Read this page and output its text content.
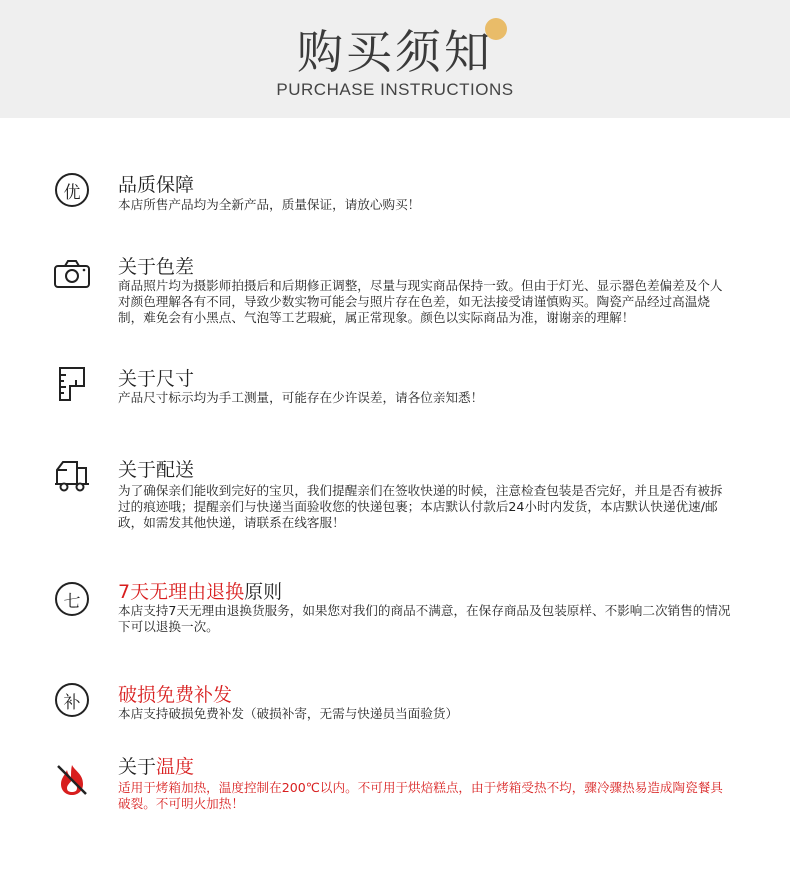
购买须知
PURCHASE INSTRUCTIONS
优	品质保障
本店所售产品均为全新产品，质量保证，请放心购买！
关于色差
商品照片均为摄影师拍摄后和后期修正调整，尽量与现实商品保持一致。但由于灯光、显示器色差偏差及个人对颜色理解各有不同，导致少数实物可能会与照片存在色差，如无法接受请谨慎购买。陶瓷产品经过高温烧制，难免会有小黑点、气泡等工艺瑕疵，属正常现象。颜色以实际商品为准，谢谢亲的理解！
关于尺寸
产品尺寸标示均为手工测量，可能存在少许误差，请各位亲知悉！
关于配送
为了确保亲们能收到完好的宝贝，我们提醒亲们在签收快递的时候，注意检查包装是否完好，并且是否有被拆过的痕迹哦；提醒亲们与快递当面验收您的快递包裹；本店默认付款后24小时内发货，本店默认快递优速/邮政，如需发其他快递，请联系在线客服！
七	7天无理由退换原则
本店支持7天无理由退换货服务，如果您对我们的商品不满意，在保存商品及包装原样、不影响二次销售的情况下可以退换一次。
补	破损免费补发
本店支持破损免费补发（破损补寄，无需与快递员当面验货）
关于温度
适用于烤箱加热，温度控制在200℃以内。不可用于烘焙糕点，由于烤箱受热不均，骤冷骤热易造成陶瓷餐具破裂。不可明火加热！
